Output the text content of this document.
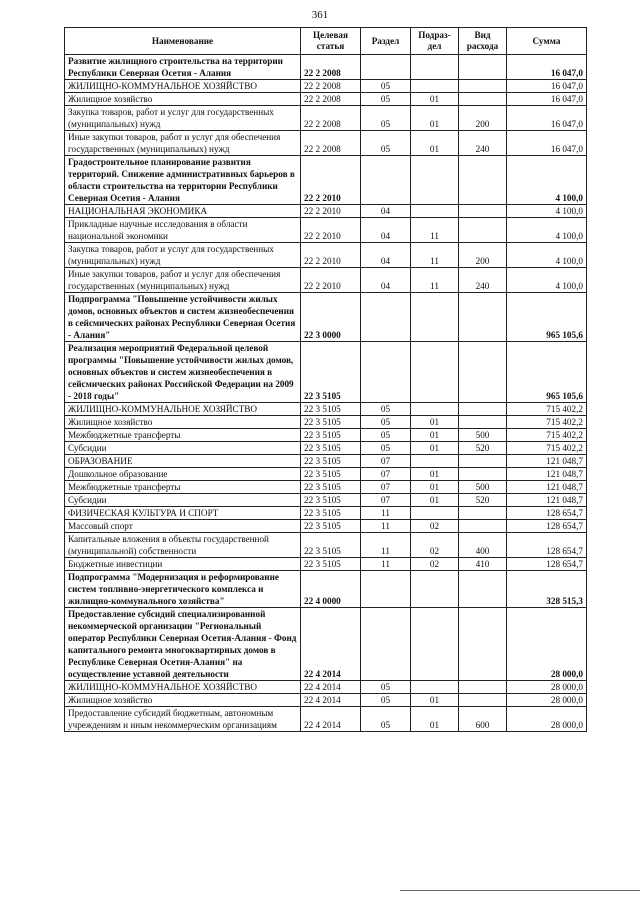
361
Наименование	Целевая статья	Раздел	Подраз-дел	Вид расхода	Сумма
Развитие жилищного строительства на территории Республики Северная Осетия - Алания	22 2 2008				16 047,0
ЖИЛИЩНО-КОММУНАЛЬНОЕ ХОЗЯЙСТВО	22 2 2008	05			16 047,0
Жилищное хозяйство	22 2 2008	05	01		16 047,0
Закупка товаров, работ и услуг для государственных (муниципальных) нужд	22 2 2008	05	01	200	16 047,0
Иные закупки товаров, работ и услуг для обеспечения государственных (муниципальных) нужд	22 2 2008	05	01	240	16 047,0
Градостроительное планирование развития территорий. Снижение административных барьеров в области строительства на территории Республики Северная Осетия - Алания	22 2 2010				4 100,0
НАЦИОНАЛЬНАЯ ЭКОНОМИКА	22 2 2010	04			4 100,0
Прикладные научные исследования в области национальной экономики	22 2 2010	04	11		4 100,0
Закупка товаров, работ и услуг для государственных (муниципальных) нужд	22 2 2010	04	11	200	4 100,0
Иные закупки товаров, работ и услуг для обеспечения государственных (муниципальных) нужд	22 2 2010	04	11	240	4 100,0
Подпрограмма "Повышение устойчивости жилых домов, основных объектов и систем жизнеобеспечения в сейсмических районах Республики Северная Осетия - Алания"	22 3 0000				965 105,6
Реализация мероприятий Федеральной целевой программы "Повышение устойчивости жилых домов, основных объектов и систем жизнеобеспечения в сейсмических районах Российской Федерации на 2009 - 2018 годы"	22 3 5105				965 105,6
ЖИЛИЩНО-КОММУНАЛЬНОЕ ХОЗЯЙСТВО	22 3 5105	05			715 402,2
Жилищное хозяйство	22 3 5105	05	01		715 402,2
Межбюджетные трансферты	22 3 5105	05	01	500	715 402,2
Субсидии	22 3 5105	05	01	520	715 402,2
ОБРАЗОВАНИЕ	22 3 5105	07			121 048,7
Дошкольное образование	22 3 5105	07	01		121 048,7
Межбюджетные трансферты	22 3 5105	07	01	500	121 048,7
Субсидии	22 3 5105	07	01	520	121 048,7
ФИЗИЧЕСКАЯ КУЛЬТУРА И СПОРТ	22 3 5105	11			128 654,7
Массовый спорт	22 3 5105	11	02		128 654,7
Капитальные вложения в объекты государственной (муниципальной) собственности	22 3 5105	11	02	400	128 654,7
Бюджетные инвестиции	22 3 5105	11	02	410	128 654,7
Подпрограмма "Модернизация и реформирование систем топливно-энергетического комплекса и жилищно-коммунального хозяйства"	22 4 0000				328 515,3
Предоставление субсидий специализированной некоммерческой организации "Региональный оператор Республики Северная Осетия-Алания - Фонд капитального ремонта многоквартирных домов в Республике Северная Осетия-Алания" на осуществление уставной деятельности	22 4 2014				28 000,0
ЖИЛИЩНО-КОММУНАЛЬНОЕ ХОЗЯЙСТВО	22 4 2014	05			28 000,0
Жилищное хозяйство	22 4 2014	05	01		28 000,0
Предоставление субсидий бюджетным, автономным учреждениям и иным некоммерческим организациям	22 4 2014	05	01	600	28 000,0
